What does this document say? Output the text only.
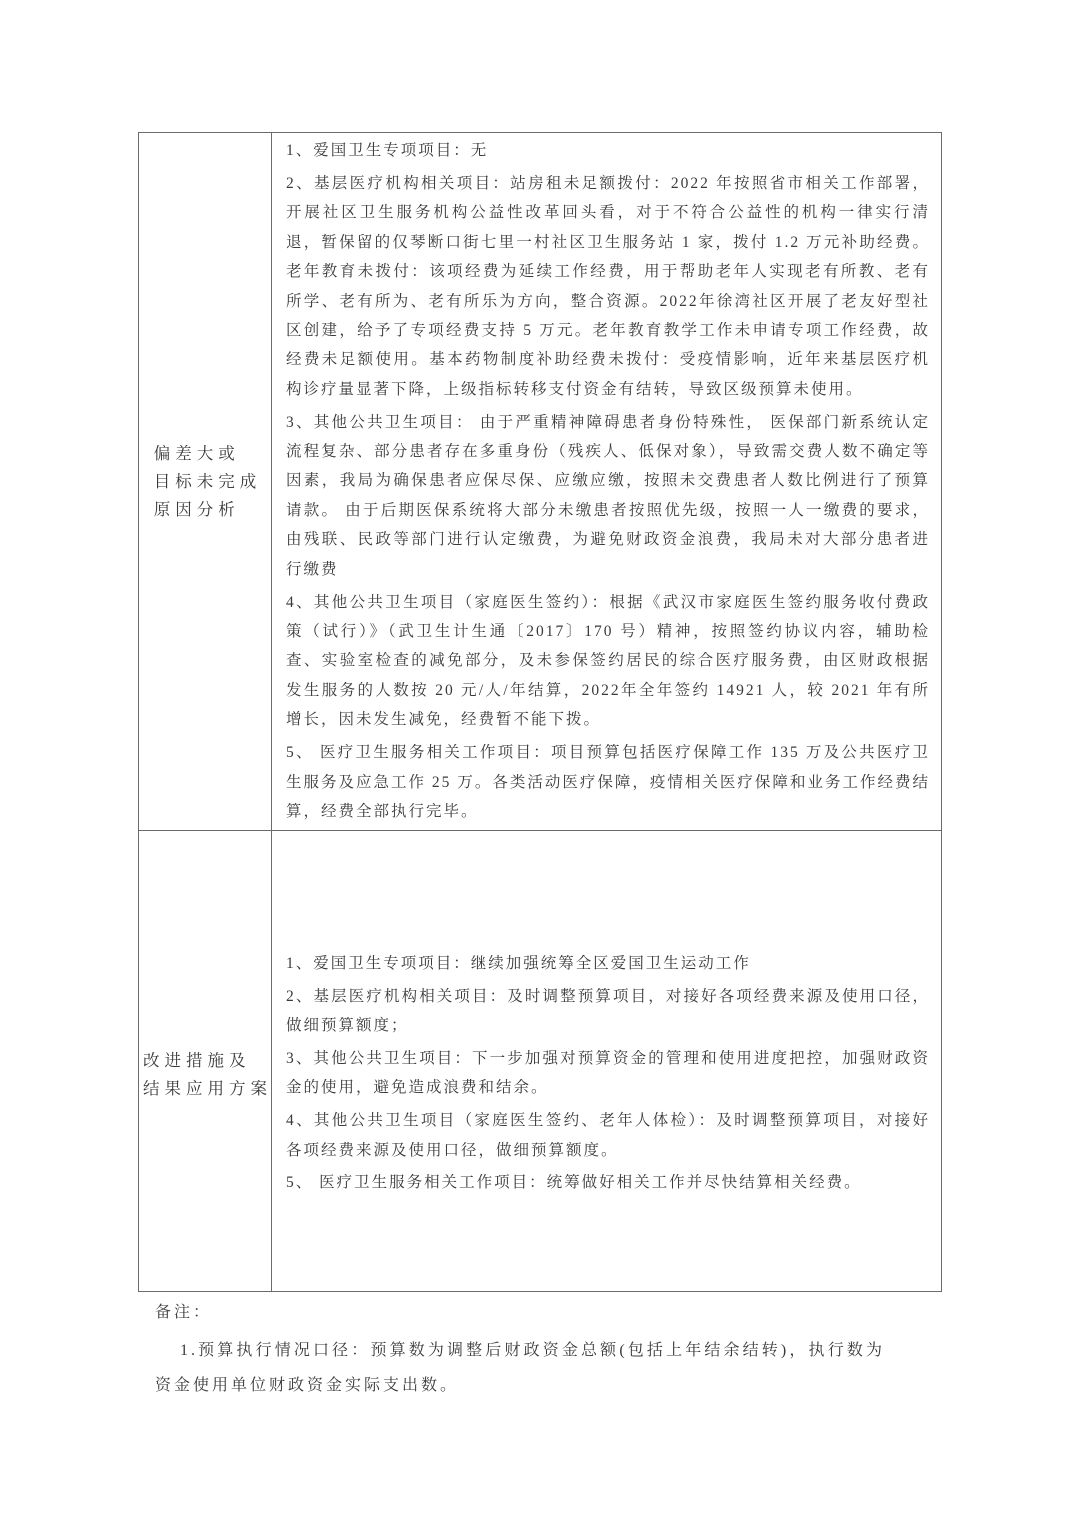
偏差大或
目标未完成
原因分析

1、爱国卫生专项项目：无

2、基层医疗机构相关项目：站房租未足额拨付：2022 年按照省市相关工作部署，开展社区卫生服务机构公益性改革回头看，对于不符合公益性的机构一律实行清退，暂保留的仅琴断口街七里一村社区卫生服务站 1 家，拨付 1.2 万元补助经费。老年教育未拨付：该项经费为延续工作经费，用于帮助老年人实现老有所教、老有所学、老有所为、老有所乐为方向，整合资源。2022年徐湾社区开展了老友好型社区创建，给予了专项经费支持 5 万元。老年教育教学工作未申请专项工作经费，故经费未足额使用。基本药物制度补助经费未拨付：受疫情影响，近年来基层医疗机构诊疗量显著下降，上级指标转移支付资金有结转，导致区级预算未使用。

3、其他公共卫生项目： 由于严重精神障碍患者身份特殊性， 医保部门新系统认定流程复杂、部分患者存在多重身份（残疾人、低保对象），导致需交费人数不确定等因素，我局为确保患者应保尽保、应缴应缴，按照未交费患者人数比例进行了预算请款。 由于后期医保系统将大部分未缴患者按照优先级，按照一人一缴费的要求，由残联、民政等部门进行认定缴费，为避免财政资金浪费，我局未对大部分患者进行缴费

4、其他公共卫生项目（家庭医生签约）：根据《武汉市家庭医生签约服务收付费政策（试行）》（武卫生计生通〔2017〕170 号）精神，按照签约协议内容，辅助检查、实验室检查的减免部分，及未参保签约居民的综合医疗服务费，由区财政根据发生服务的人数按 20 元/人/年结算，2022年全年签约 14921 人，较 2021 年有所增长，因未发生减免，经费暂不能下拨。

5、 医疗卫生服务相关工作项目：项目预算包括医疗保障工作 135 万及公共医疗卫生服务及应急工作 25 万。各类活动医疗保障，疫情相关医疗保障和业务工作经费结算，经费全部执行完毕。

改进措施及
结果应用方案

1、爱国卫生专项项目：继续加强统筹全区爱国卫生运动工作

2、基层医疗机构相关项目：及时调整预算项目，对接好各项经费来源及使用口径，做细预算额度；

3、其他公共卫生项目：下一步加强对预算资金的管理和使用进度把控，加强财政资金的使用，避免造成浪费和结余。

4、其他公共卫生项目（家庭医生签约、老年人体检）：及时调整预算项目，对接好各项经费来源及使用口径，做细预算额度。

5、 医疗卫生服务相关工作项目：统筹做好相关工作并尽快结算相关经费。

备注：

1.预算执行情况口径：预算数为调整后财政资金总额(包括上年结余结转)，执行数为资金使用单位财政资金实际支出数。
